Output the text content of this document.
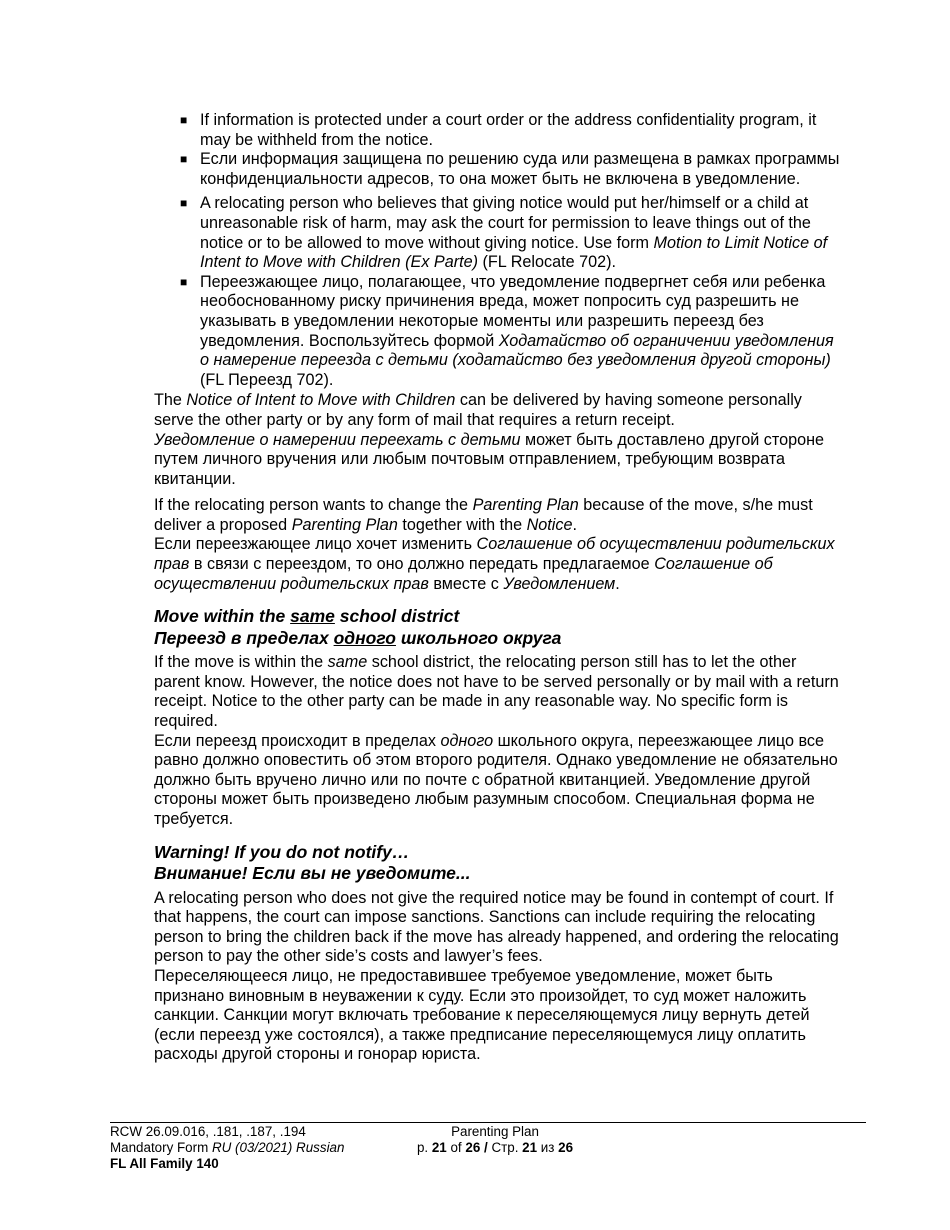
■ If information is protected under a court order or the address confidentiality program, it may be withheld from the notice.
■ Если информация защищена по решению суда или размещена в рамках программы конфиденциальности адресов, то она может быть не включена в уведомление.
■ A relocating person who believes that giving notice would put her/himself or a child at unreasonable risk of harm, may ask the court for permission to leave things out of the notice or to be allowed to move without giving notice. Use form Motion to Limit Notice of Intent to Move with Children (Ex Parte) (FL Relocate 702).
■ Переезжающее лицо, полагающее, что уведомление подвергнет себя или ребенка необоснованному риску причинения вреда, может попросить суд разрешить не указывать в уведомлении некоторые моменты или разрешить переезд без уведомления. Воспользуйтесь формой Ходатайство об ограничении уведомления о намерение переезда с детьми (ходатайство без уведомления другой стороны) (FL Переезд 702).

The Notice of Intent to Move with Children can be delivered by having someone personally serve the other party or by any form of mail that requires a return receipt.

Уведомление о намерении переехать с детьми может быть доставлено другой стороне путем личного вручения или любым почтовым отправлением, требующим возврата квитанции.

If the relocating person wants to change the Parenting Plan because of the move, s/he must deliver a proposed Parenting Plan together with the Notice.

Если переезжающее лицо хочет изменить Соглашение об осуществлении родительских прав в связи с переездом, то оно должно передать предлагаемое Соглашение об осуществлении родительских прав вместе с Уведомлением.

Move within the same school district
Переезд в пределах одного школьного округа

If the move is within the same school district, the relocating person still has to let the other parent know. However, the notice does not have to be served personally or by mail with a return receipt. Notice to the other party can be made in any reasonable way. No specific form is required.

Если переезд происходит в пределах одного школьного округа, переезжающее лицо все равно должно оповестить об этом второго родителя. Однако уведомление не обязательно должно быть вручено лично или по почте с обратной квитанцией. Уведомление другой стороны может быть произведено любым разумным способом. Специальная форма не требуется.

Warning! If you do not notify…
Внимание! Если вы не уведомите...

A relocating person who does not give the required notice may be found in contempt of court. If that happens, the court can impose sanctions. Sanctions can include requiring the relocating person to bring the children back if the move has already happened, and ordering the relocating person to pay the other side’s costs and lawyer’s fees.

Переселяющееся лицо, не предоставившее требуемое уведомление, может быть признано виновным в неуважении к суду. Если это произойдет, то суд может наложить санкции. Санкции могут включать требование к переселяющемуся лицу вернуть детей (если переезд уже состоялся), а также предписание переселяющемуся лицу оплатить расходы другой стороны и гонорар юриста.

RCW 26.09.016, .181, .187, .194
Mandatory Form RU (03/2021) Russian
FL All Family 140
Parenting Plan
p. 21 of 26 / Стр. 21 из 26
